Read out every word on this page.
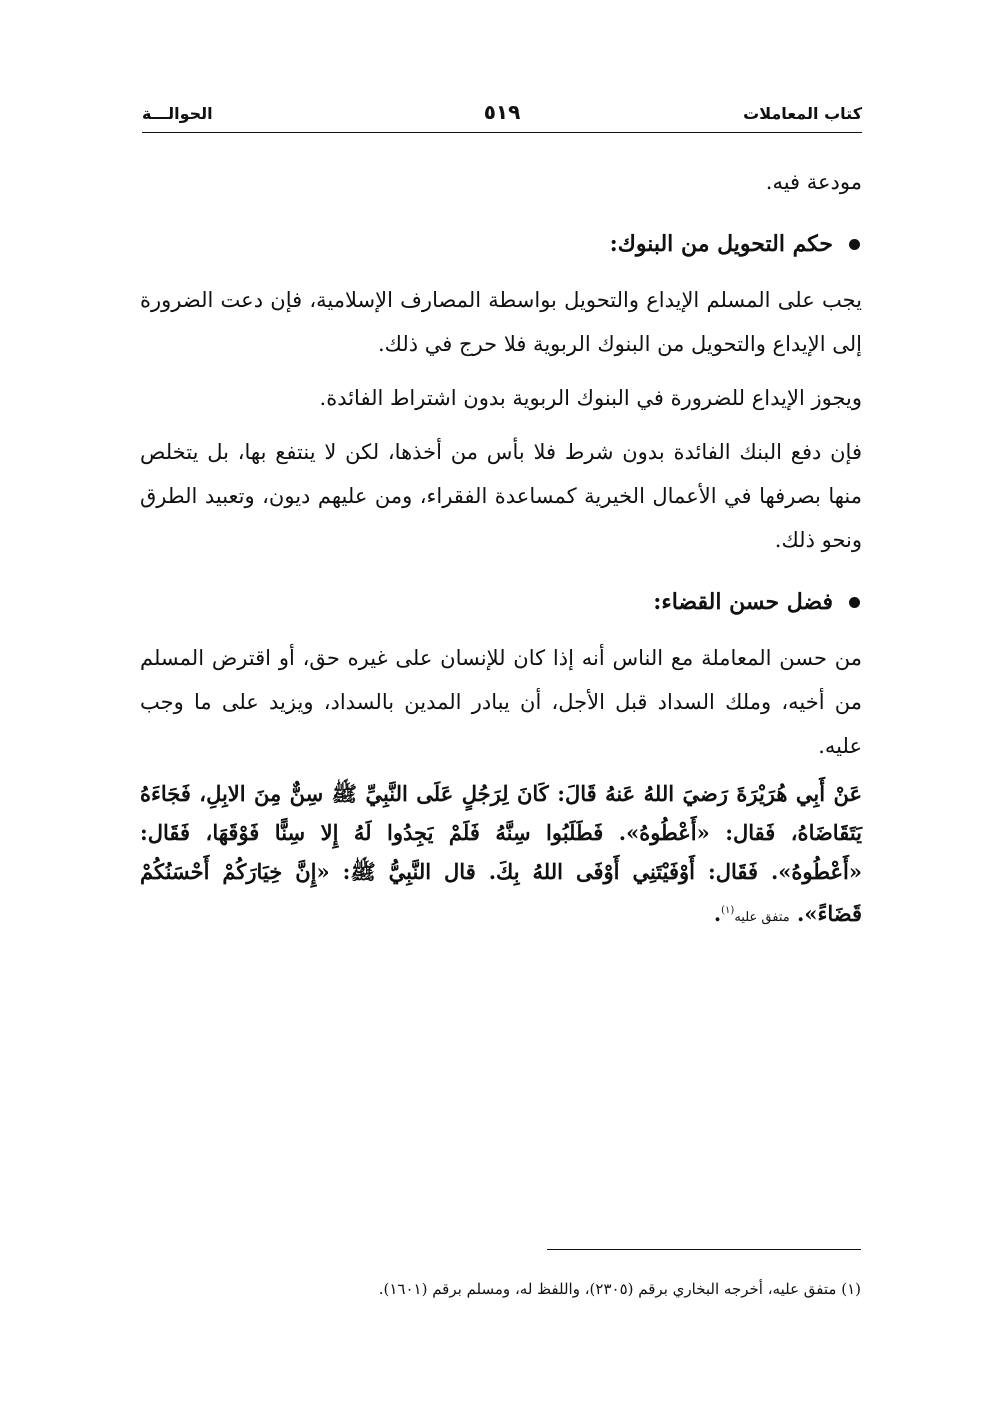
كتاب المعاملات
٥١٩
الحوالـــة

مودعة فيه.

حكم التحويل من البنوك:

يجب على المسلم الإيداع والتحويل بواسطة المصارف الإسلامية، فإن دعت الضرورة إلى الإيداع والتحويل من البنوك الربوية فلا حرج في ذلك.

ويجوز الإيداع للضرورة في البنوك الربوية بدون اشتراط الفائدة.

فإن دفع البنك الفائدة بدون شرط فلا بأس من أخذها، لكن لا ينتفع بها، بل يتخلص منها بصرفها في الأعمال الخيرية كمساعدة الفقراء، ومن عليهم ديون، وتعبيد الطرق ونحو ذلك.

فضل حسن القضاء:

من حسن المعاملة مع الناس أنه إذا كان للإنسان على غيره حق، أو اقترض المسلم من أخيه، وملك السداد قبل الأجل، أن يبادر المدين بالسداد، ويزيد على ما وجب عليه.

عَنْ أَبِي هُرَيْرَةَ رَضيَ اللهُ عَنهُ قَالَ: كَانَ لِرَجُلٍ عَلَى النَّبِيِّ ﷺ سِنٌّ مِنَ الابِلِ، فَجَاءَهُ يَتَقَاضَاهُ، فَقال: «أَعْطُوهُ». فَطَلَبُوا سِنَّهُ فَلَمْ يَجِدُوا لَهُ إِلا سِنًّا فَوْقَهَا، فَقَال: «أَعْطُوهُ». فَقَال: أَوْفَيْتَنِي أَوْفَى اللهُ بِكَ. قال النَّبِيُّ ﷺ: «إِنَّ خِيَارَكُمْ أَحْسَنُكُمْ قَضَاءً». متفق عليه$^{(١)}$.

(١) متفق عليه، أخرجه البخاري برقم (٢٣٠٥)، واللفظ له، ومسلم برقم (١٦٠١).
